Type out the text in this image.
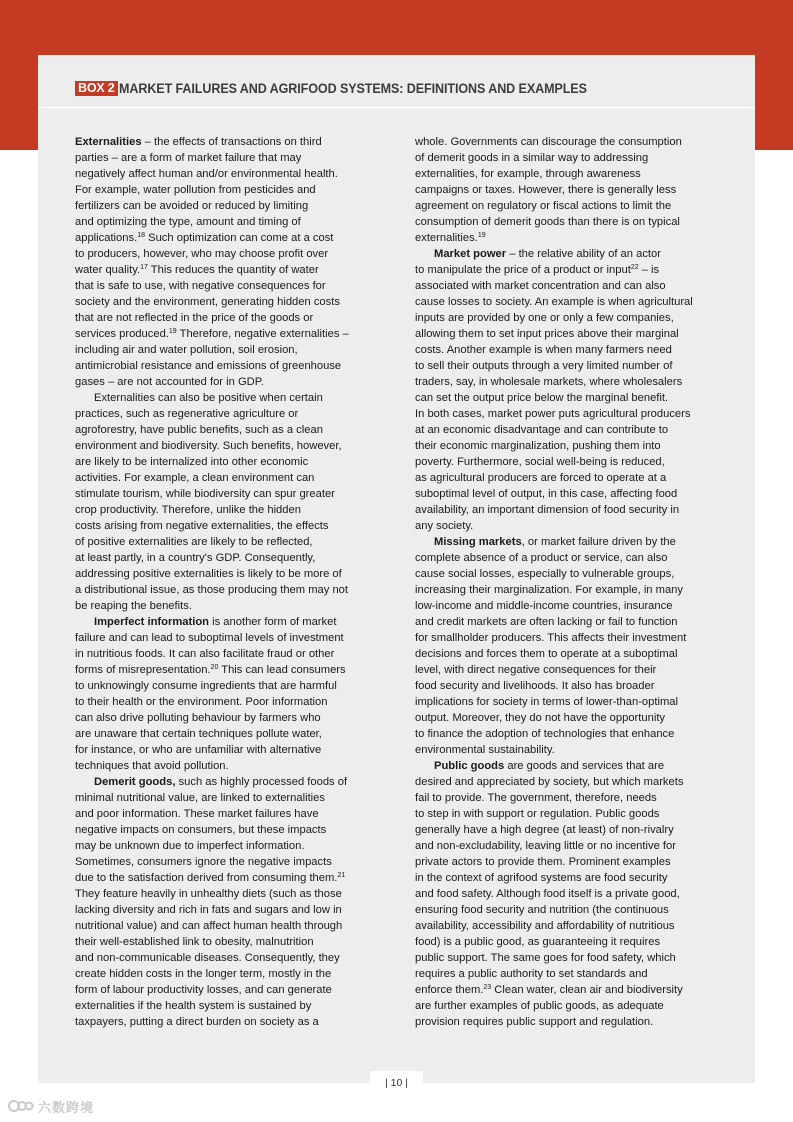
BOX 2 MARKET FAILURES AND AGRIFOOD SYSTEMS: DEFINITIONS AND EXAMPLES
Externalities – the effects of transactions on third
parties – are a form of market failure that may
negatively affect human and/or environmental health.
For example, water pollution from pesticides and
fertilizers can be avoided or reduced by limiting
and optimizing the type, amount and timing of
applications.$^{18}$ Such optimization can come at a cost
to producers, however, who may choose profit over
water quality.$^{17}$ This reduces the quantity of water
that is safe to use, with negative consequences for
society and the environment, generating hidden costs
that are not reflected in the price of the goods or
services produced.$^{19}$ Therefore, negative externalities –
including air and water pollution, soil erosion,
antimicrobial resistance and emissions of greenhouse
gases – are not accounted for in GDP.
Externalities can also be positive when certain
practices, such as regenerative agriculture or
agroforestry, have public benefits, such as a clean
environment and biodiversity. Such benefits, however,
are likely to be internalized into other economic
activities. For example, a clean environment can
stimulate tourism, while biodiversity can spur greater
crop productivity. Therefore, unlike the hidden
costs arising from negative externalities, the effects
of positive externalities are likely to be reflected,
at least partly, in a country's GDP. Consequently,
addressing positive externalities is likely to be more of
a distributional issue, as those producing them may not
be reaping the benefits.
Imperfect information is another form of market
failure and can lead to suboptimal levels of investment
in nutritious foods. It can also facilitate fraud or other
forms of misrepresentation.$^{20}$ This can lead consumers
to unknowingly consume ingredients that are harmful
to their health or the environment. Poor information
can also drive polluting behaviour by farmers who
are unaware that certain techniques pollute water,
for instance, or who are unfamiliar with alternative
techniques that avoid pollution.
Demerit goods, such as highly processed foods of
minimal nutritional value, are linked to externalities
and poor information. These market failures have
negative impacts on consumers, but these impacts
may be unknown due to imperfect information.
Sometimes, consumers ignore the negative impacts
due to the satisfaction derived from consuming them.$^{21}$
They feature heavily in unhealthy diets (such as those
lacking diversity and rich in fats and sugars and low in
nutritional value) and can affect human health through
their well-established link to obesity, malnutrition
and non-communicable diseases. Consequently, they
create hidden costs in the longer term, mostly in the
form of labour productivity losses, and can generate
externalities if the health system is sustained by
taxpayers, putting a direct burden on society as a
whole. Governments can discourage the consumption
of demerit goods in a similar way to addressing
externalities, for example, through awareness
campaigns or taxes. However, there is generally less
agreement on regulatory or fiscal actions to limit the
consumption of demerit goods than there is on typical
externalities.$^{19}$
Market power – the relative ability of an actor
to manipulate the price of a product or input$^{22}$ – is
associated with market concentration and can also
cause losses to society. An example is when agricultural
inputs are provided by one or only a few companies,
allowing them to set input prices above their marginal
costs. Another example is when many farmers need
to sell their outputs through a very limited number of
traders, say, in wholesale markets, where wholesalers
can set the output price below the marginal benefit.
In both cases, market power puts agricultural producers
at an economic disadvantage and can contribute to
their economic marginalization, pushing them into
poverty. Furthermore, social well-being is reduced,
as agricultural producers are forced to operate at a
suboptimal level of output, in this case, affecting food
availability, an important dimension of food security in
any society.
Missing markets, or market failure driven by the
complete absence of a product or service, can also
cause social losses, especially to vulnerable groups,
increasing their marginalization. For example, in many
low-income and middle-income countries, insurance
and credit markets are often lacking or fail to function
for smallholder producers. This affects their investment
decisions and forces them to operate at a suboptimal
level, with direct negative consequences for their
food security and livelihoods. It also has broader
implications for society in terms of lower-than-optimal
output. Moreover, they do not have the opportunity
to finance the adoption of technologies that enhance
environmental sustainability.
Public goods are goods and services that are
desired and appreciated by society, but which markets
fail to provide. The government, therefore, needs
to step in with support or regulation. Public goods
generally have a high degree (at least) of non-rivalry
and non-excludability, leaving little or no incentive for
private actors to provide them. Prominent examples
in the context of agrifood systems are food security
and food safety. Although food itself is a private good,
ensuring food security and nutrition (the continuous
availability, accessibility and affordability of nutritious
food) is a public good, as guaranteeing it requires
public support. The same goes for food safety, which
requires a public authority to set standards and
enforce them.$^{23}$ Clean water, clean air and biodiversity
are further examples of public goods, as adequate
provision requires public support and regulation.
| 10 |
六数跨境
